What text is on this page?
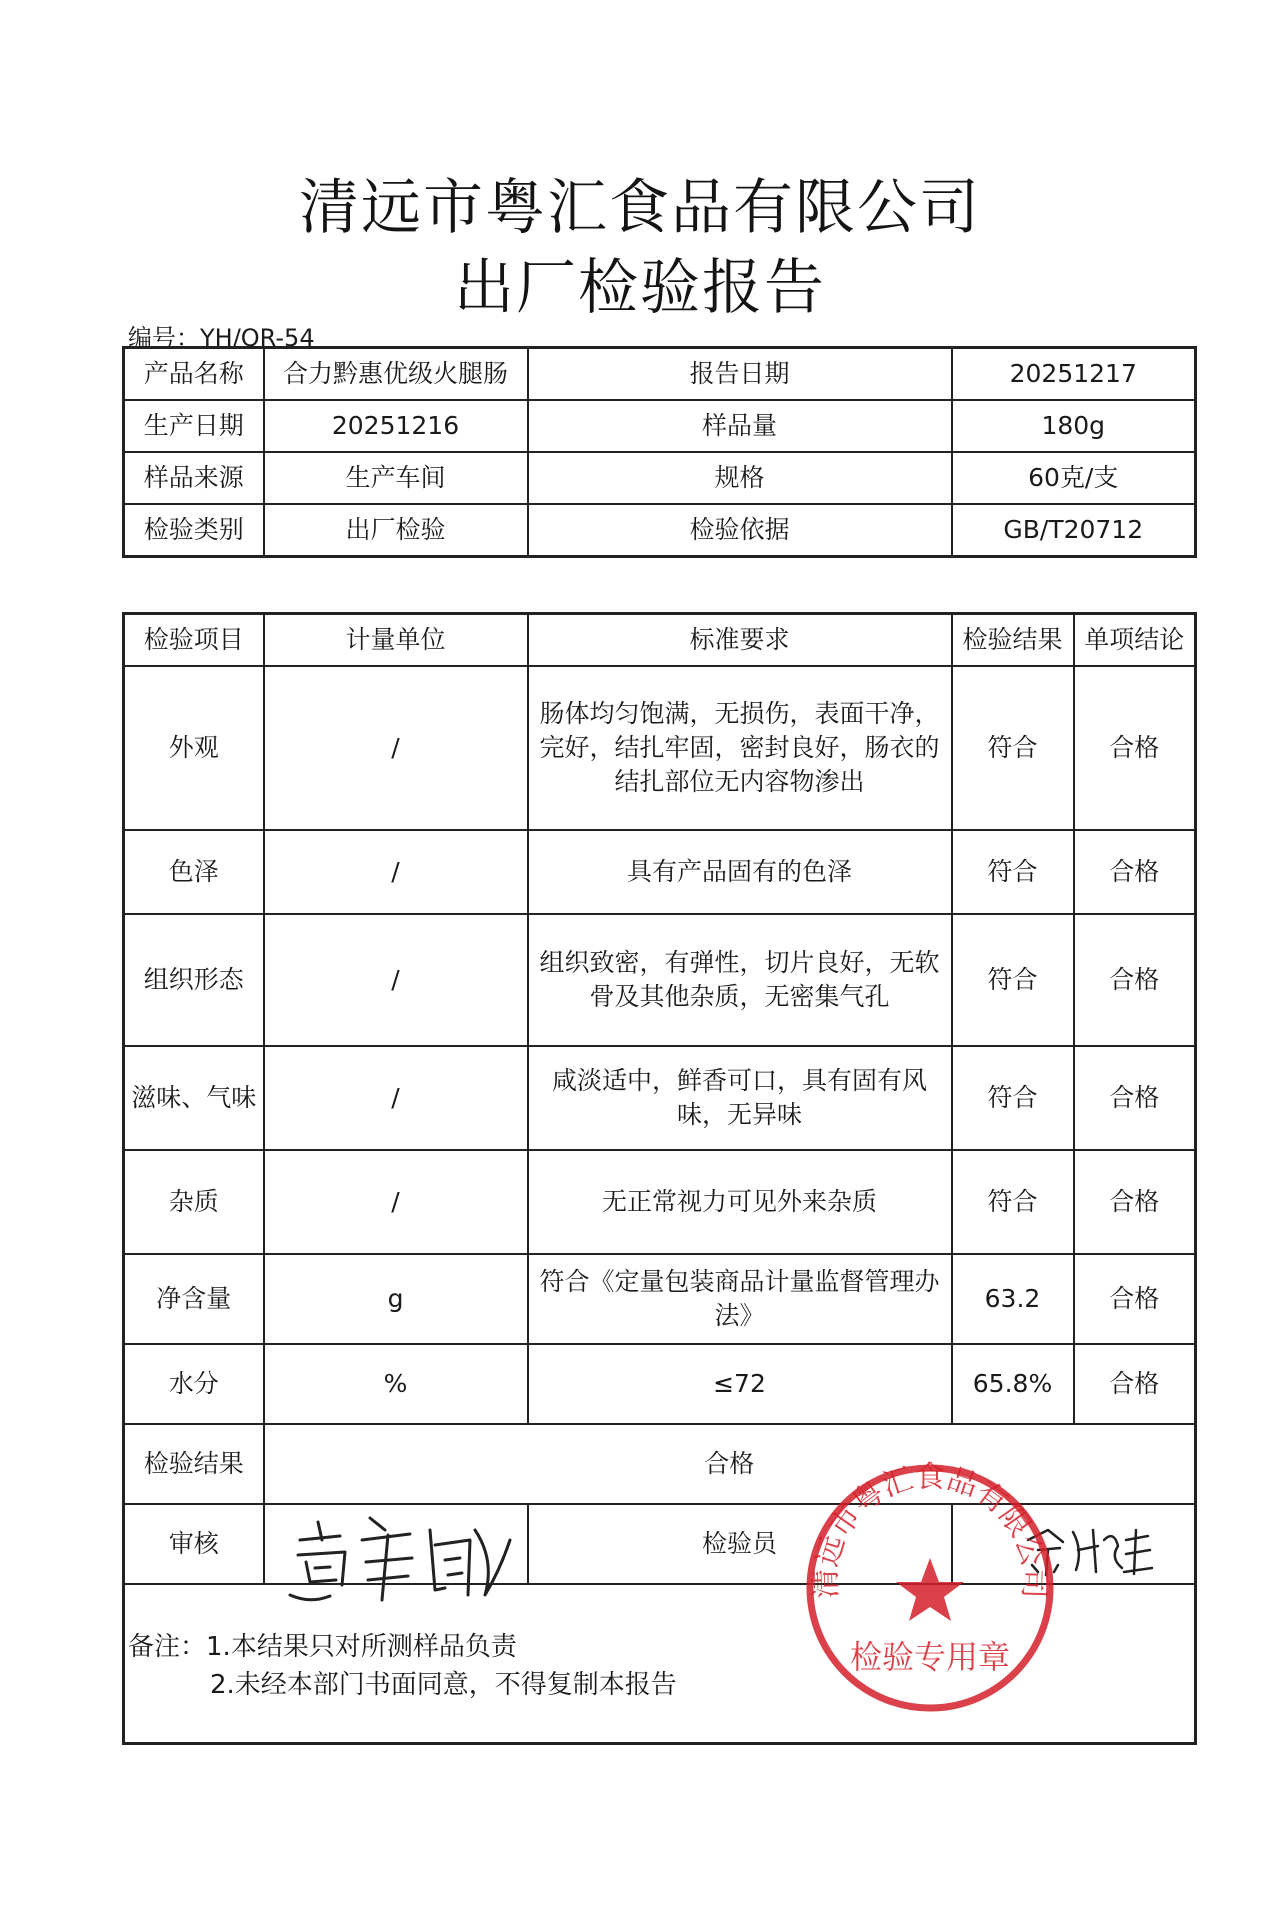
清远市粤汇食品有限公司
出厂检验报告
编号：YH/QR-54
产品名称	合力黔惠优级火腿肠	报告日期	20251217
生产日期	20251216	样品量	180g
样品来源	生产车间	规格	60克/支
检验类别	出厂检验	检验依据	GB/T20712
检验项目	计量单位	标准要求	检验结果	单项结论
外观	/	肠体均匀饱满，无损伤，表面干净，完好，结扎牢固，密封良好，肠衣的结扎部位无内容物渗出	符合	合格
色泽	/	具有产品固有的色泽	符合	合格
组织形态	/	组织致密，有弹性，切片良好，无软骨及其他杂质，无密集气孔	符合	合格
滋味、气味	/	咸淡适中，鲜香可口，具有固有风味，无异味	符合	合格
杂质	/	无正常视力可见外来杂质	符合	合格
净含量	g	符合《定量包装商品计量监督管理办法》	63.2	合格
水分	%	≤72	65.8%	合格
检验结果	合格			
审核		检验员		

备注：1.本结果只对所测样品负责
2.未经本部门书面同意，不得复制本报告
清远市粤汇食品有限公司
检验专用章
